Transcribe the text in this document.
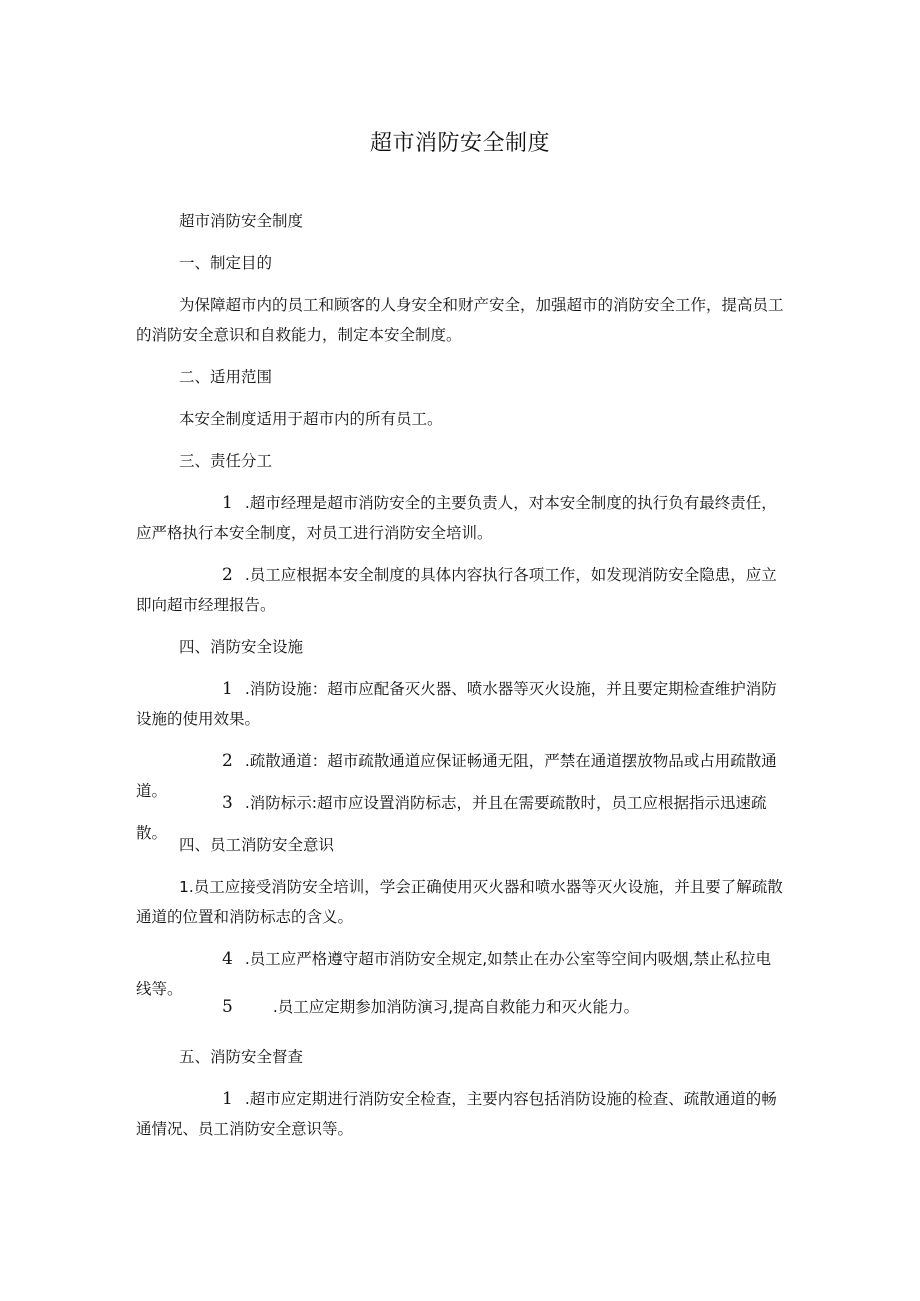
超市消防安全制度
超市消防安全制度
一、制定目的
为保障超市内的员工和顾客的人身安全和财产安全，加强超市的消防安全工作，提高员工的消防安全意识和自救能力，制定本安全制度。
二、适用范围
本安全制度适用于超市内的所有员工。
三、责任分工
1 .超市经理是超市消防安全的主要负责人，对本安全制度的执行负有最终责任，应严格执行本安全制度，对员工进行消防安全培训。
2 .员工应根据本安全制度的具体内容执行各项工作，如发现消防安全隐患，应立即向超市经理报告。
四、消防安全设施
1 .消防设施：超市应配备灭火器、喷水器等灭火设施，并且要定期检查维护消防设施的使用效果。
2 .疏散通道：超市疏散通道应保证畅通无阻，严禁在通道摆放物品或占用疏散通道。
3 .消防标示:超市应设置消防标志，并且在需要疏散时，员工应根据指示迅速疏散。
四、员工消防安全意识
1.员工应接受消防安全培训，学会正确使用灭火器和喷水器等灭火设施，并且要了解疏散通道的位置和消防标志的含义。
4 .员工应严格遵守超市消防安全规定,如禁止在办公室等空间内吸烟,禁止私拉电线等。
5	.员工应定期参加消防演习,提高自救能力和灭火能力。
五、消防安全督查
1 .超市应定期进行消防安全检查，主要内容包括消防设施的检查、疏散通道的畅通情况、员工消防安全意识等。
